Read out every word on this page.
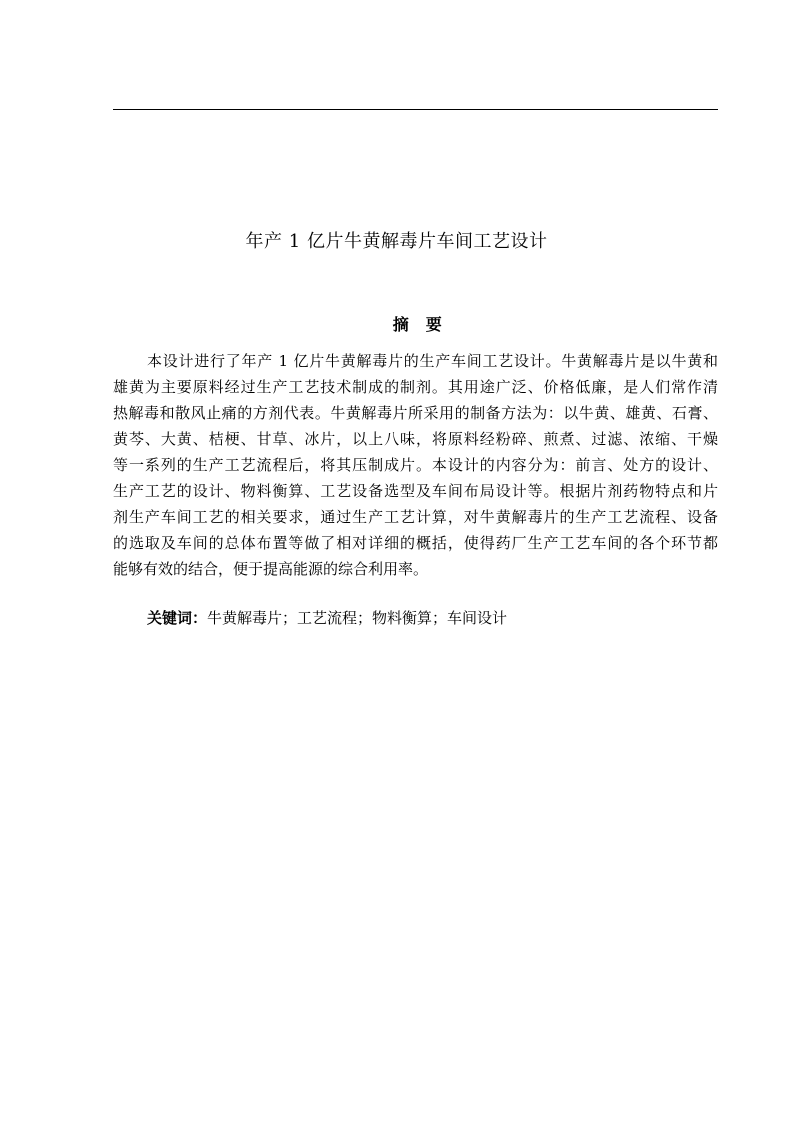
年产 1 亿片牛黄解毒片车间工艺设计
摘　要
本设计进行了年产 1 亿片牛黄解毒片的生产车间工艺设计。牛黄解毒片是以牛黄和
雄黄为主要原料经过生产工艺技术制成的制剂。其用途广泛、价格低廉，是人们常作清
热解毒和散风止痛的方剂代表。牛黄解毒片所采用的制备方法为：以牛黄、雄黄、石膏、
黄芩、大黄、桔梗、甘草、冰片，以上八味，将原料经粉碎、煎煮、过滤、浓缩、干燥
等一系列的生产工艺流程后，将其压制成片。本设计的内容分为：前言、处方的设计、
生产工艺的设计、物料衡算、工艺设备选型及车间布局设计等。根据片剂药物特点和片
剂生产车间工艺的相关要求，通过生产工艺计算，对牛黄解毒片的生产工艺流程、设备
的选取及车间的总体布置等做了相对详细的概括，使得药厂生产工艺车间的各个环节都
能够有效的结合，便于提高能源的综合利用率。
关键词：牛黄解毒片；工艺流程；物料衡算；车间设计
